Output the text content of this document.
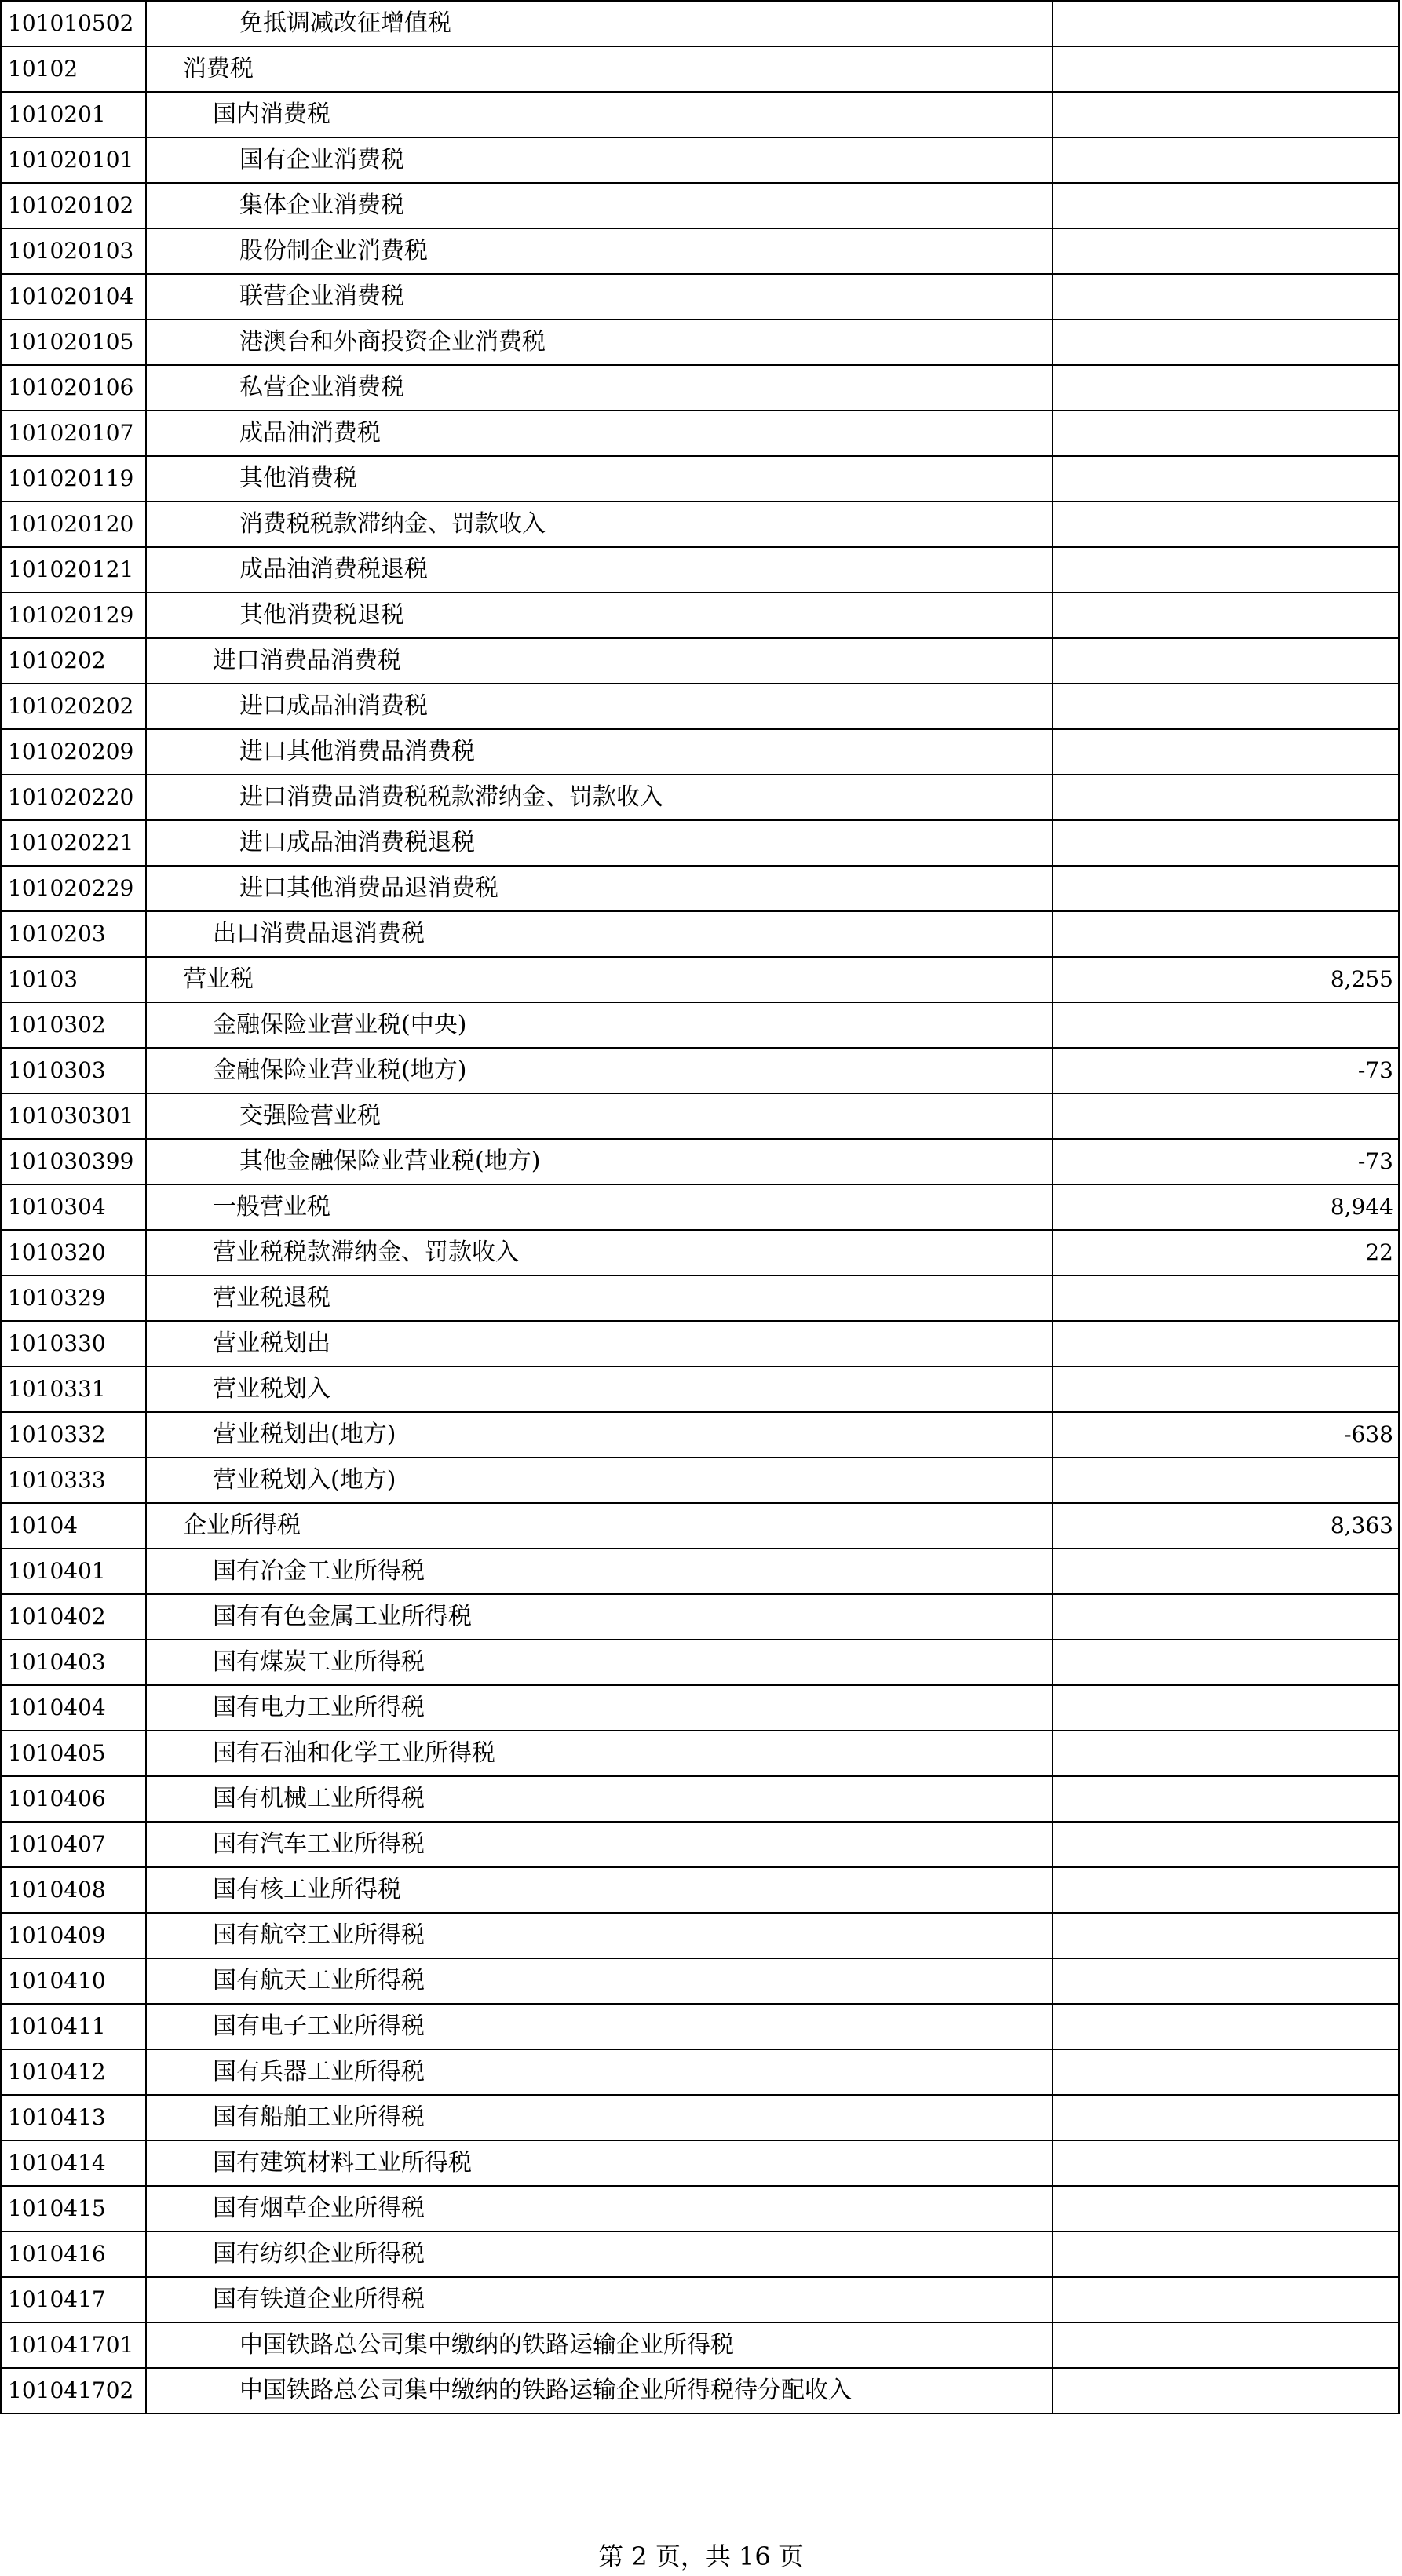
101010502	免抵调减改征增值税	
10102	消费税	
1010201	国内消费税	
101020101	国有企业消费税	
101020102	集体企业消费税	
101020103	股份制企业消费税	
101020104	联营企业消费税	
101020105	港澳台和外商投资企业消费税	
101020106	私营企业消费税	
101020107	成品油消费税	
101020119	其他消费税	
101020120	消费税税款滞纳金、罚款收入	
101020121	成品油消费税退税	
101020129	其他消费税退税	
1010202	进口消费品消费税	
101020202	进口成品油消费税	
101020209	进口其他消费品消费税	
101020220	进口消费品消费税税款滞纳金、罚款收入	
101020221	进口成品油消费税退税	
101020229	进口其他消费品退消费税	
1010203	出口消费品退消费税	
10103	营业税	8,255
1010302	金融保险业营业税(中央)	
1010303	金融保险业营业税(地方)	-73
101030301	交强险营业税	
101030399	其他金融保险业营业税(地方)	-73
1010304	一般营业税	8,944
1010320	营业税税款滞纳金、罚款收入	22
1010329	营业税退税	
1010330	营业税划出	
1010331	营业税划入	
1010332	营业税划出(地方)	-638
1010333	营业税划入(地方)	
10104	企业所得税	8,363
1010401	国有冶金工业所得税	
1010402	国有有色金属工业所得税	
1010403	国有煤炭工业所得税	
1010404	国有电力工业所得税	
1010405	国有石油和化学工业所得税	
1010406	国有机械工业所得税	
1010407	国有汽车工业所得税	
1010408	国有核工业所得税	
1010409	国有航空工业所得税	
1010410	国有航天工业所得税	
1010411	国有电子工业所得税	
1010412	国有兵器工业所得税	
1010413	国有船舶工业所得税	
1010414	国有建筑材料工业所得税	
1010415	国有烟草企业所得税	
1010416	国有纺织企业所得税	
1010417	国有铁道企业所得税	
101041701	中国铁路总公司集中缴纳的铁路运输企业所得税	
101041702	中国铁路总公司集中缴纳的铁路运输企业所得税待分配收入	
第 2 页，共 16 页
